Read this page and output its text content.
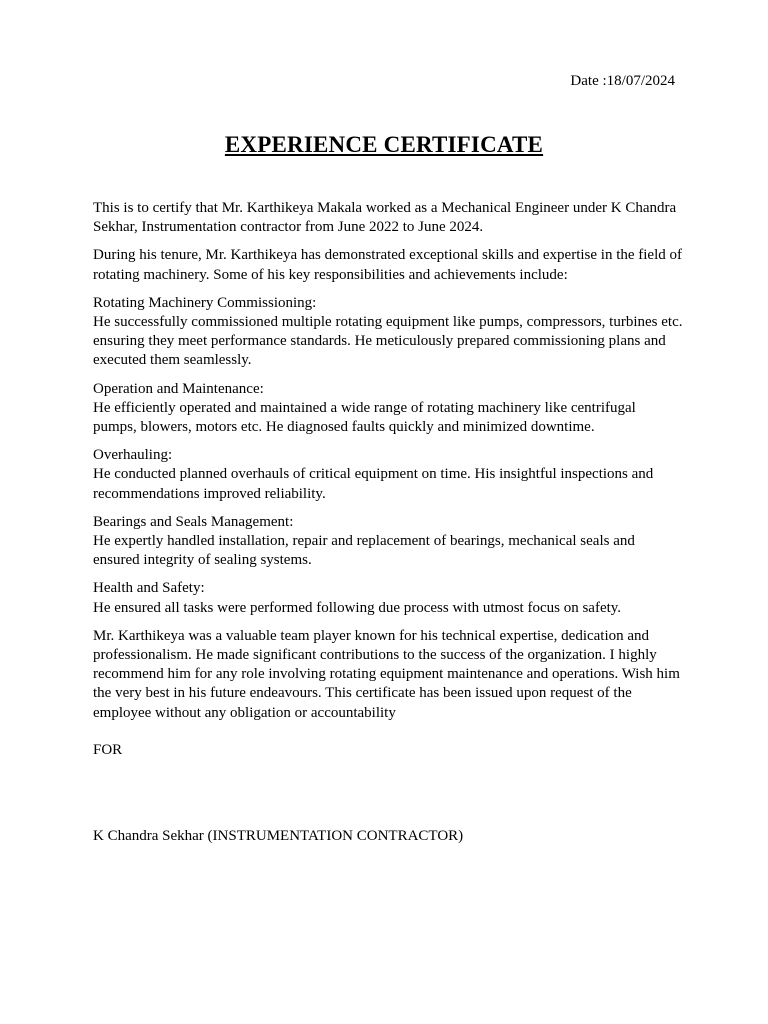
Date :18/07/2024
EXPERIENCE CERTIFICATE

This is to certify that Mr. Karthikeya Makala worked as a Mechanical Engineer under K Chandra Sekhar, Instrumentation contractor from June 2022 to June 2024.

During his tenure, Mr. Karthikeya has demonstrated exceptional skills and expertise in the field of rotating machinery. Some of his key responsibilities and achievements include:

Rotating Machinery Commissioning:
He successfully commissioned multiple rotating equipment like pumps, compressors, turbines etc. ensuring they meet performance standards. He meticulously prepared commissioning plans and executed them seamlessly.

Operation and Maintenance:
He efficiently operated and maintained a wide range of rotating machinery like centrifugal pumps, blowers, motors etc. He diagnosed faults quickly and minimized downtime.

Overhauling:
He conducted planned overhauls of critical equipment on time. His insightful inspections and recommendations improved reliability.

Bearings and Seals Management:
He expertly handled installation, repair and replacement of bearings, mechanical seals and ensured integrity of sealing systems.

Health and Safety:
He ensured all tasks were performed following due process with utmost focus on safety.

Mr. Karthikeya was a valuable team player known for his technical expertise, dedication and professionalism. He made significant contributions to the success of the organization. I highly recommend him for any role involving rotating equipment maintenance and operations. Wish him the very best in his future endeavours. This certificate has been issued upon request of the employee without any obligation or accountability

FOR
K Chandra Sekhar (INSTRUMENTATION CONTRACTOR)
